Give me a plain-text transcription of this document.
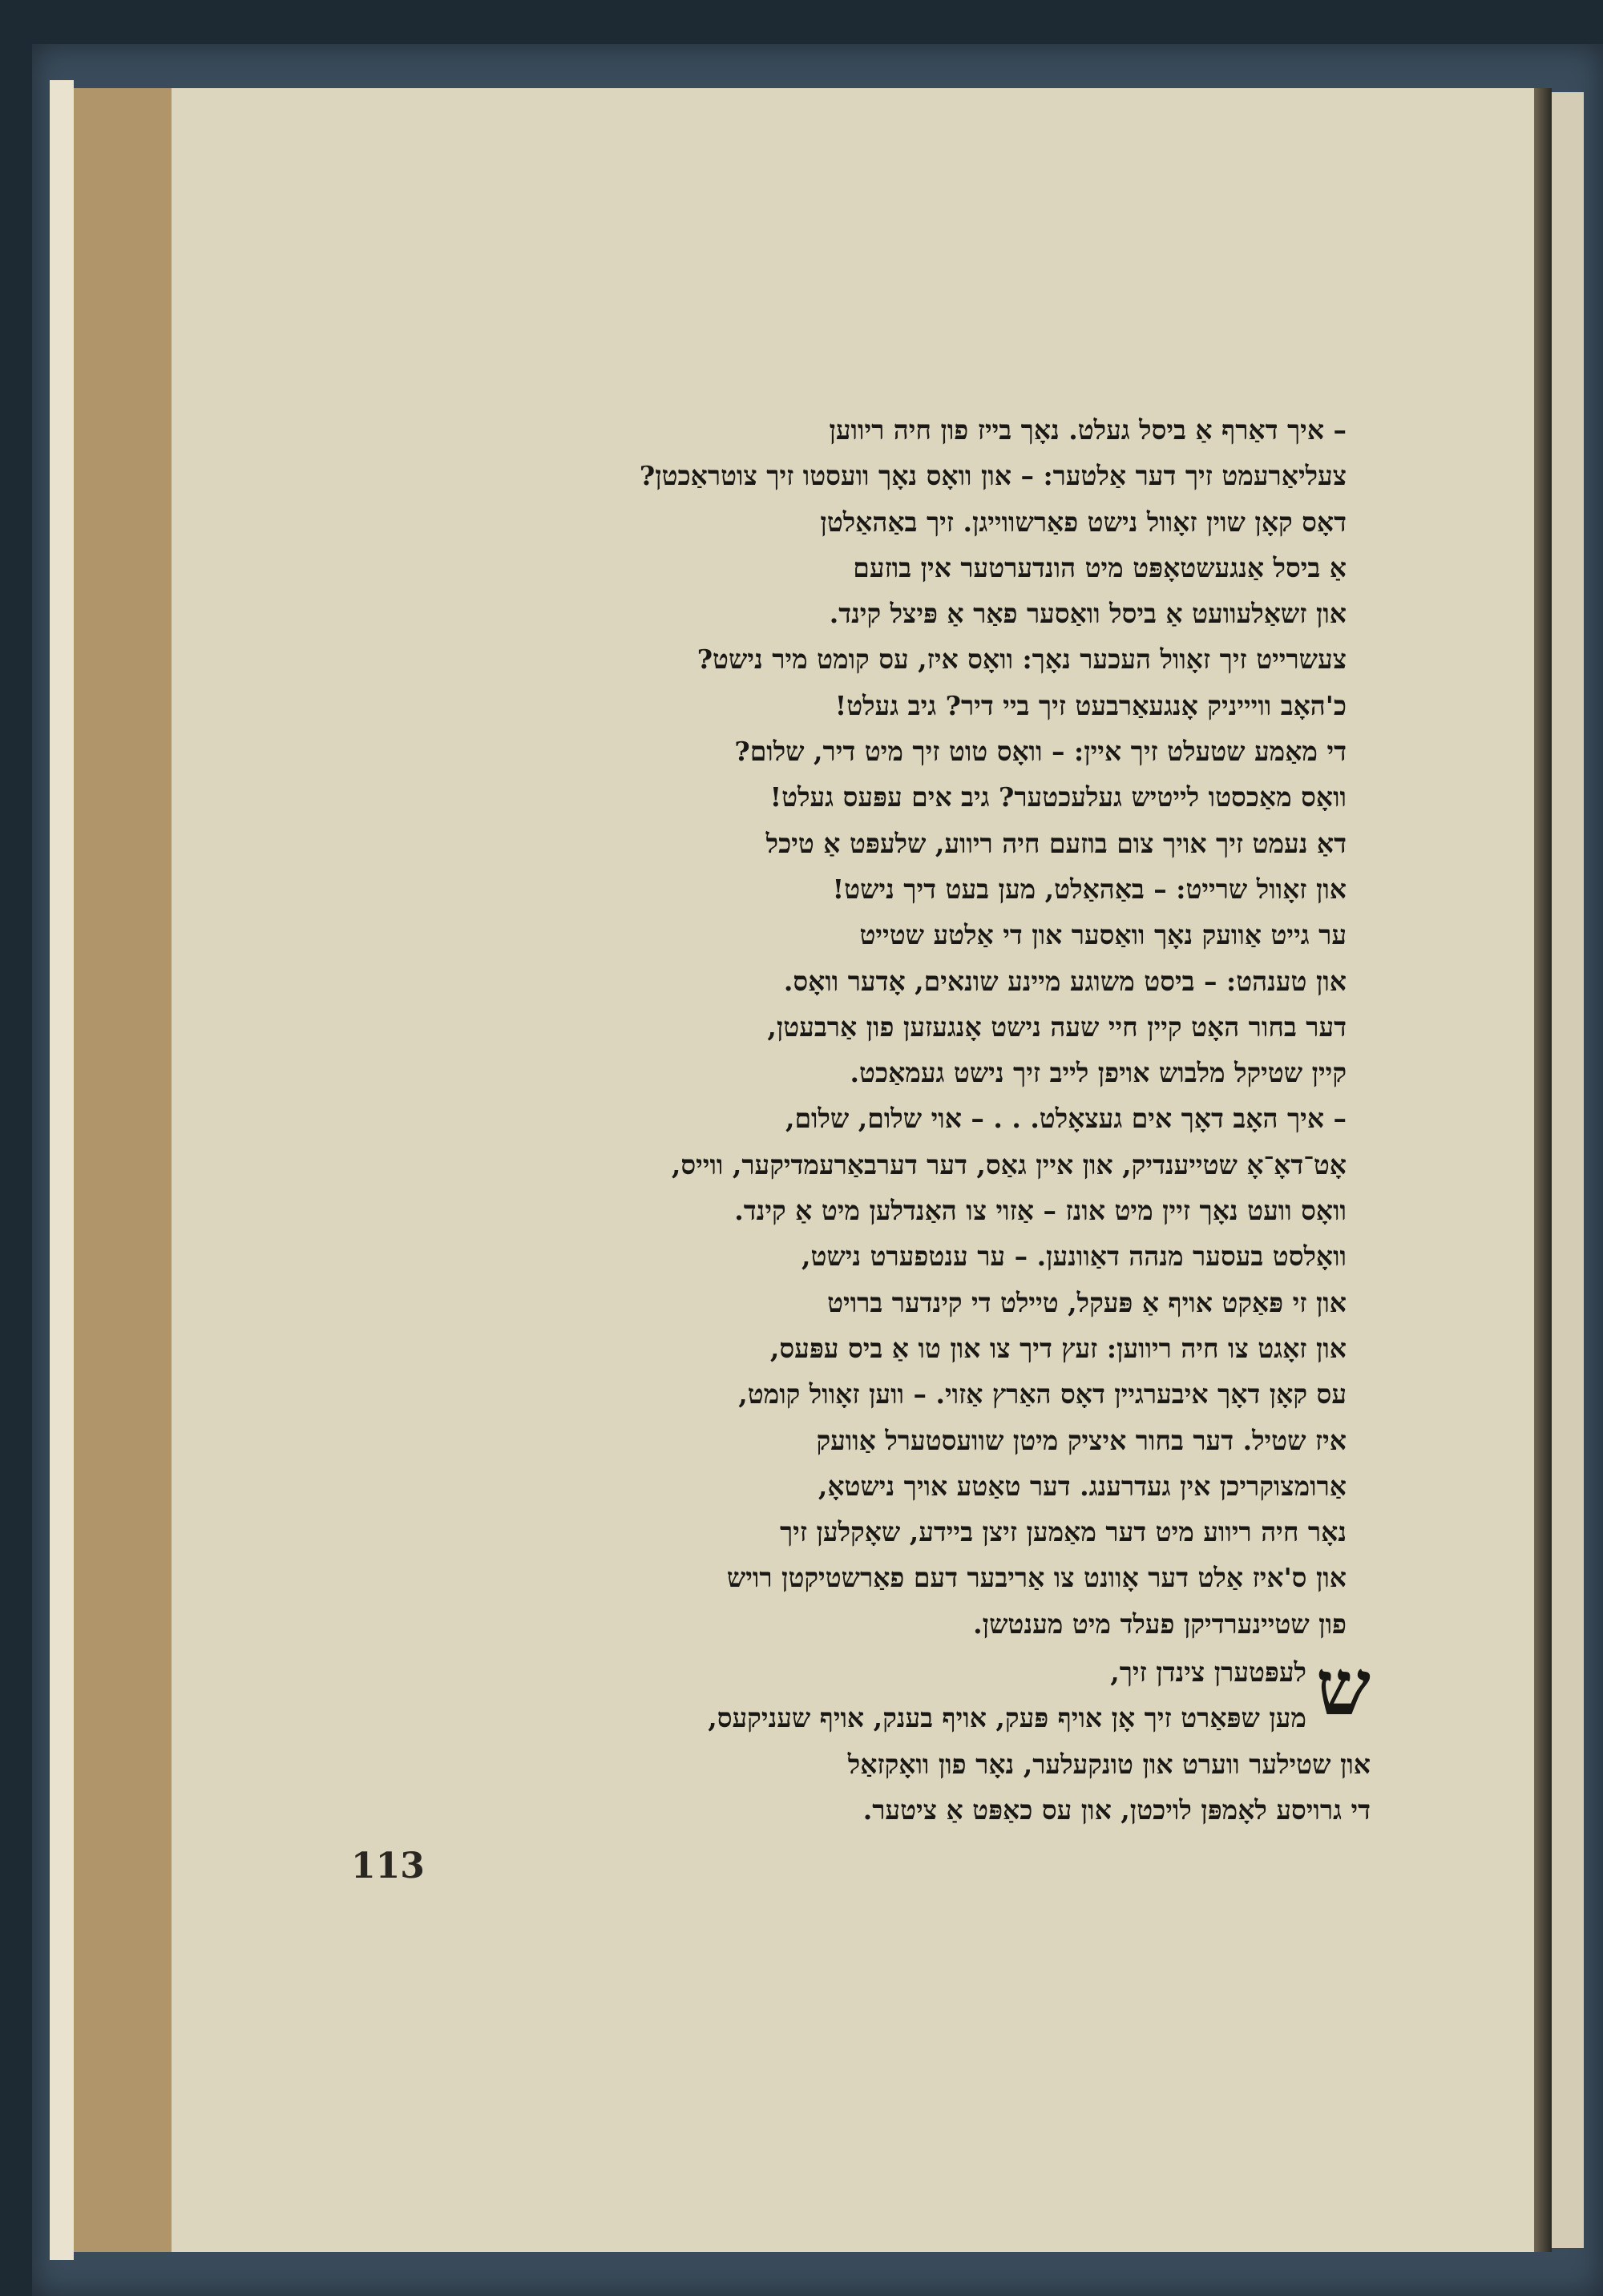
– איך דאַרף אַ ביסל געלט. נאָך בייז פון חיה ריווען
צעליאַרעמט זיך דער אַלטער: – און וואָס נאָך וועסטו זיך צוטראַכטן?
דאָס קאָן שוין זאָוול נישט פאַרשווייגן. זיך באַהאַלטן
אַ ביסל אַנגעשטאָפּט מיט הונדערטער אין בוזעם
און זשאַלעוועט אַ ביסל וואַסער פאַר אַ פּיצל קינד.
צעשרייט זיך זאָוול העכער נאָך: וואָס איז, עס קומט מיר נישט?
כ'האָב וויייניק אָנגעאַרבעט זיך ביי דיר? גיב געלט!
די מאַמע שטעלט זיך איין: – וואָס טוט זיך מיט דיר, שלום?
וואָס מאַכסטו לייטיש געלעכטער? גיב אים עפּעס געלט!
דאַ נעמט זיך אויך צום בוזעם חיה ריווע, שלעפּט אַ טיכל
און זאָוול שרייט: – באַהאַלט, מען בעט דיך נישט!
ער גייט אַוועק נאָך וואַסער און די אַלטע שטייט
און טענהט: – ביסט משוגע מיינע שונאים, אָדער וואָס.
דער בחור האָט קיין חיי שעה נישט אָנגעזען פון אַרבעטן,
קיין שטיקל מלבוש אויפן לייב זיך נישט געמאַכט.
– איך האָב דאָך אים געצאָלט. . . – אוי שלום, שלום,
אָט־דאָ־אָ שטייענדיק, און איין גאַס, דער דערבאַרעמדיקער, ווייס,
וואָס וועט נאָך זיין מיט אונז – אַזוי צו האַנדלען מיט אַ קינד.
וואָלסט בעסער מנהה דאַוונען. – ער ענטפערט נישט,
און זי פּאַקט אויף אַ פּעקל, טיילט די קינדער ברויט
און זאָגט צו חיה ריווען: זעץ דיך צו און טו אַ ביס עפּעס,
עס קאָן דאָך איבערגיין דאָס האַרץ אַזוי. – ווען זאָוול קומט,
איז שטיל. דער בחור איציק מיטן שוועסטערל אַוועק
אַרומצוקריכן אין געדרענג. דער טאַטע אויך נישטאָ,
נאָר חיה ריווע מיט דער מאַמען זיצן ביידע, שאָקלען זיך
און ס'איז אַלט דער אָוונט צו אַריבער דעם פאַרשטיקטן רויש
פון שטיינערדיקן פעלד מיט מענטשן.
ש
לעפּטערן צינדן זיך,
מען שפּאַרט זיך אָן אויף פּעק, אויף בענק, אויף שעניקעס,
און שטילער ווערט און טונקעלער, נאָר פון וואָקזאַל
די גרויסע לאָמפּן לויכטן, און עס כאַפּט אַ ציטער.
113
